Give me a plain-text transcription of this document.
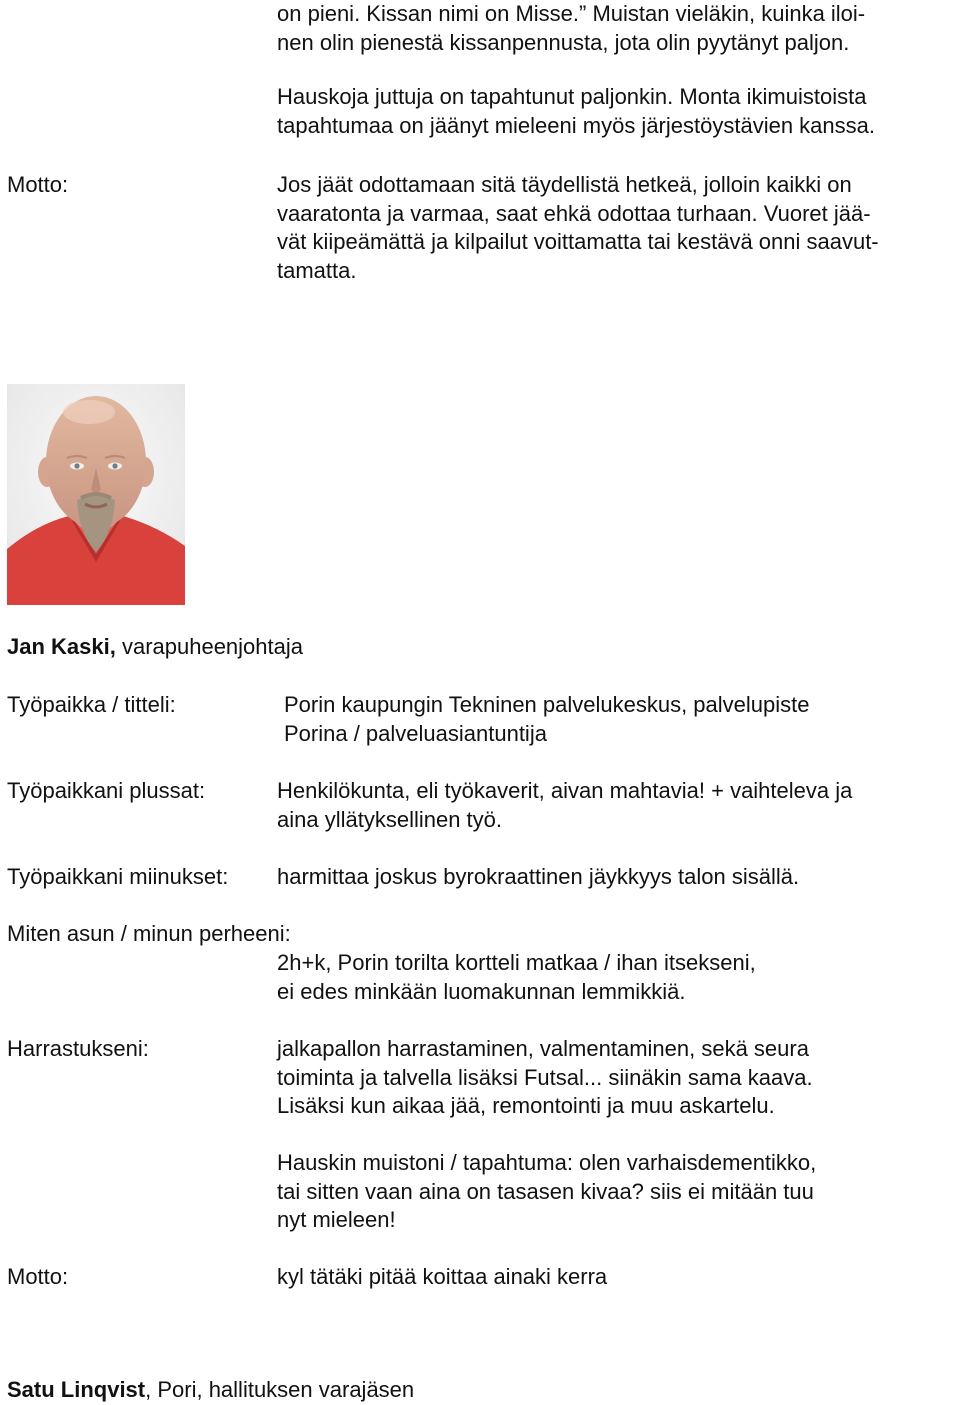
on pieni. Kissan nimi on Misse.” Muistan vieläkin, kuinka iloi-
nen olin pienestä kissanpennusta, jota olin pyytänyt paljon.
Hauskoja juttuja on tapahtunut paljonkin. Monta ikimuistoista
tapahtumaa on jäänyt mieleeni myös järjestöystävien kanssa.
Motto:	Jos jäät odottamaan sitä täydellistä hetkeä, jolloin kaikki on
vaaratonta ja varmaa, saat ehkä odottaa turhaan. Vuoret jää-
vät kiipeämättä ja kilpailut voittamatta tai kestävä onni saavut-
tamatta.
Jan Kaski, varapuheenjohtaja
Työpaikka / titteli:	Porin kaupungin Tekninen palvelukeskus, palvelupiste
Porina / palveluasiantuntija
Työpaikkani plussat:	Henkilökunta, eli työkaverit, aivan mahtavia! + vaihteleva ja
aina yllätyksellinen työ.
Työpaikkani miinukset: harmittaa joskus byrokraattinen jäykkyys talon sisällä.
Miten asun / minun perheeni:
2h+k, Porin torilta kortteli matkaa / ihan itsekseni,
ei edes minkään luomakunnan lemmikkiä.
Harrastukseni:	jalkapallon harrastaminen, valmentaminen, sekä seura
toiminta ja talvella lisäksi Futsal... siinäkin sama kaava.
Lisäksi kun aikaa jää, remontointi ja muu askartelu.
Hauskin muistoni / tapahtuma: olen varhaisdementikko,
tai sitten vaan aina on tasasen kivaa? siis ei mitään tuu
nyt mieleen!
Motto:	kyl tätäki pitää koittaa ainaki kerra
Satu Linqvist, Pori, hallituksen varajäsen
